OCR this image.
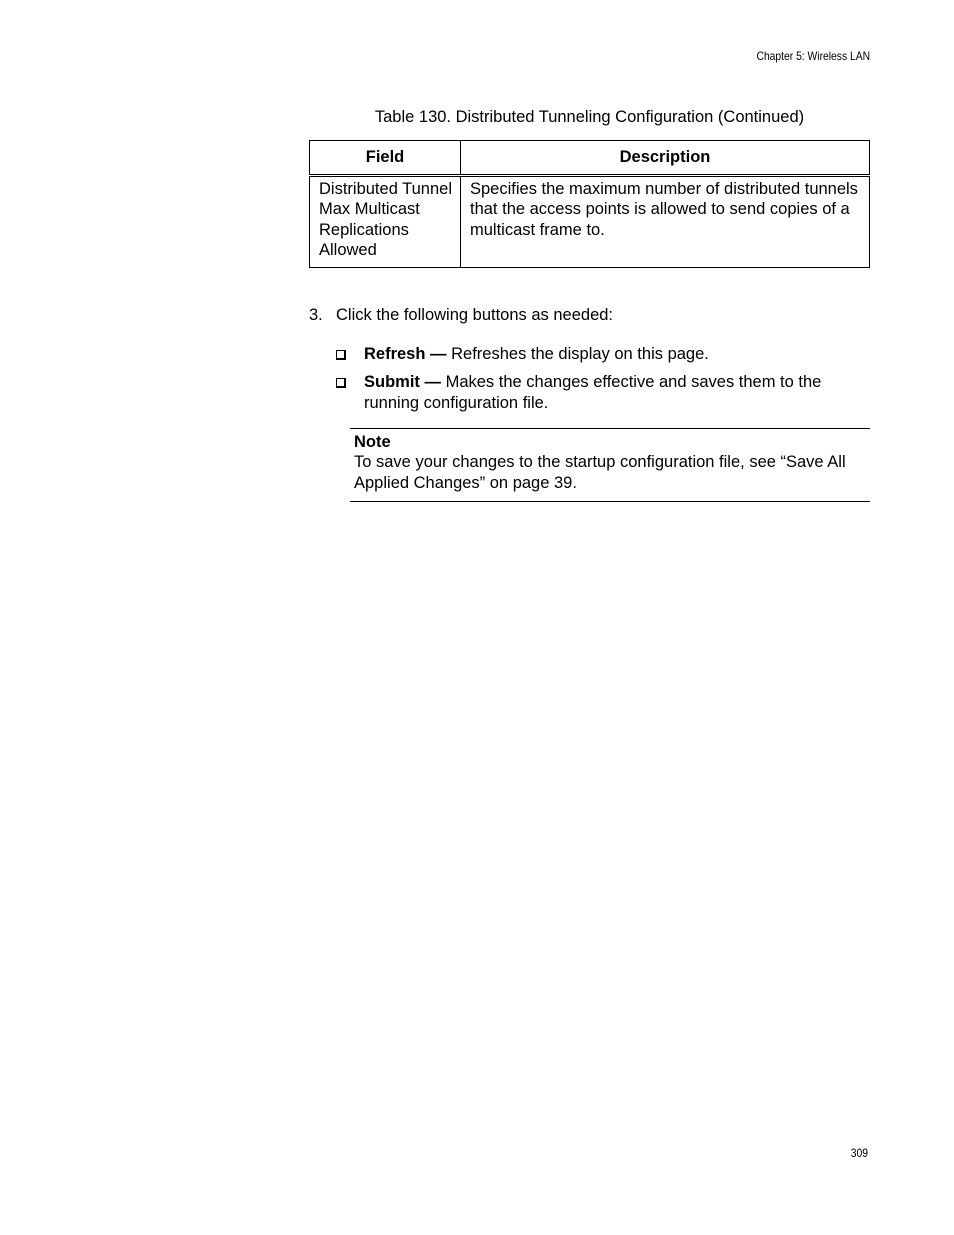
Chapter 5: Wireless LAN
Table 130. Distributed Tunneling Configuration (Continued)
Field	Description
Distributed Tunnel Max Multicast Replications Allowed	Specifies the maximum number of distributed tunnels that the access points is allowed to send copies of a multicast frame to.
3. Click the following buttons as needed:
Refresh — Refreshes the display on this page.
Submit — Makes the changes effective and saves them to the running configuration file.
Note
To save your changes to the startup configuration file, see “Save All Applied Changes” on page 39.
309
